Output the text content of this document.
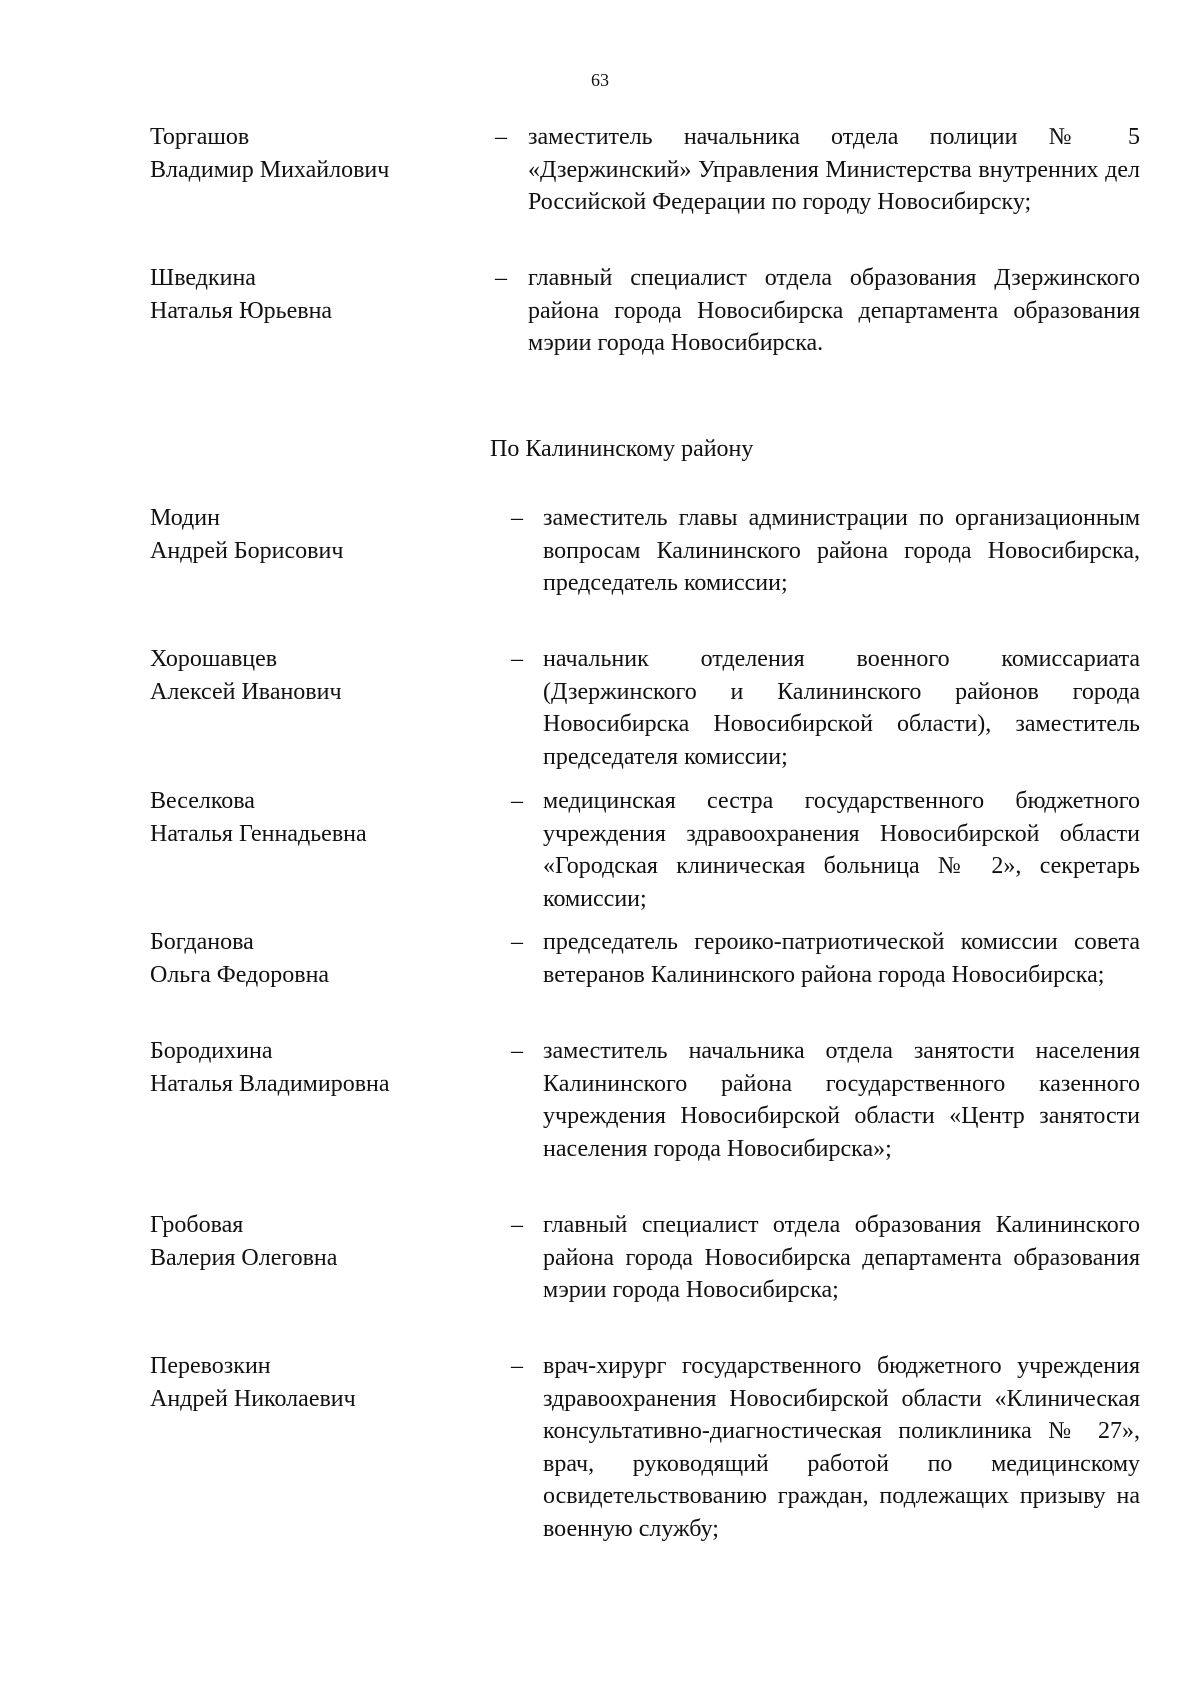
63
Торгашов
Владимир Михайлович
– заместитель начальника отдела полиции № 5 «Дзержинский» Управления Министерства внутренних дел Российской Федерации по городу Новосибирску;
Шведкина
Наталья Юрьевна
– главный специалист отдела образования Дзержинского района города Новосибирска департамента образования мэрии города Новосибирска.
По Калининскому району
Модин
Андрей Борисович
– заместитель главы администрации по организационным вопросам Калининского района города Новосибирска, председатель комиссии;
Хорошавцев
Алексей Иванович
– начальник отделения военного комиссариата (Дзержинского и Калининского районов города Новосибирска Новосибирской области), заместитель председателя комиссии;
Веселкова
Наталья Геннадьевна
– медицинская сестра государственного бюджетного учреждения здравоохранения Новосибирской области «Городская клиническая больница № 2», секретарь комиссии;
Богданова
Ольга Федоровна
– председатель героико-патриотической комиссии совета ветеранов Калининского района города Новосибирска;
Бородихина
Наталья Владимировна
– заместитель начальника отдела занятости населения Калининского района государственного казенного учреждения Новосибирской области «Центр занятости населения города Новосибирска»;
Гробовая
Валерия Олеговна
– главный специалист отдела образования Калининского района города Новосибирска департамента образования мэрии города Новосибирска;
Перевозкин
Андрей Николаевич
– врач-хирург государственного бюджетного учреждения здравоохранения Новосибирской области «Клиническая консультативно-диагностическая поликлиника № 27», врач, руководящий работой по медицинскому освидетельствованию граждан, подлежащих призыву на военную службу;
